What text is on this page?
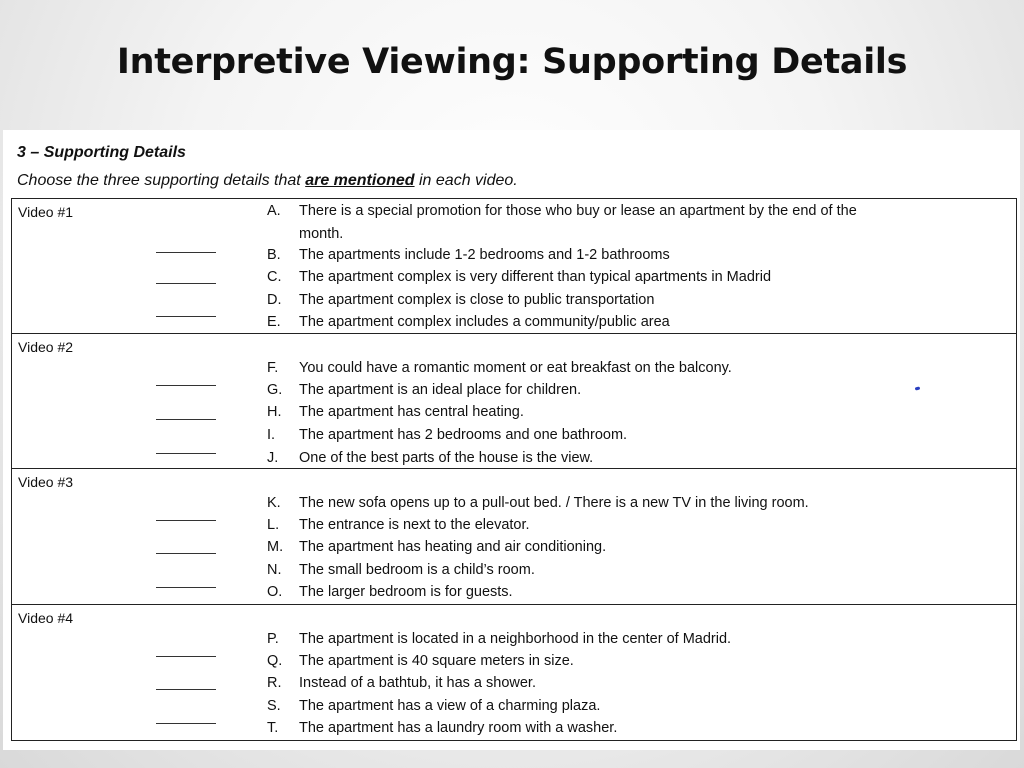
Interpretive Viewing: Supporting Details
3 – Supporting Details
Choose the three supporting details that are mentioned in each video.
Video #1	A. There is a special promotion for those who buy or lease an apartment by the end of the
month.
B. The apartments include 1-2 bedrooms and 1-2 bathrooms
C. The apartment complex is very different than typical apartments in Madrid
D. The apartment complex is close to public transportation
E. The apartment complex includes a community/public area

Video #2
F. You could have a romantic moment or eat breakfast on the balcony.
G. The apartment is an ideal place for children.
H. The apartment has central heating.
I. The apartment has 2 bedrooms and one bathroom.
J. One of the best parts of the house is the view.

Video #3
K. The new sofa opens up to a pull-out bed. / There is a new TV in the living room.
L. The entrance is next to the elevator.
M. The apartment has heating and air conditioning.
N. The small bedroom is a child’s room.
O. The larger bedroom is for guests.

Video #4
P. The apartment is located in a neighborhood in the center of Madrid.
Q. The apartment is 40 square meters in size.
R. Instead of a bathtub, it has a shower.
S. The apartment has a view of a charming plaza.
T. The apartment has a laundry room with a washer.
